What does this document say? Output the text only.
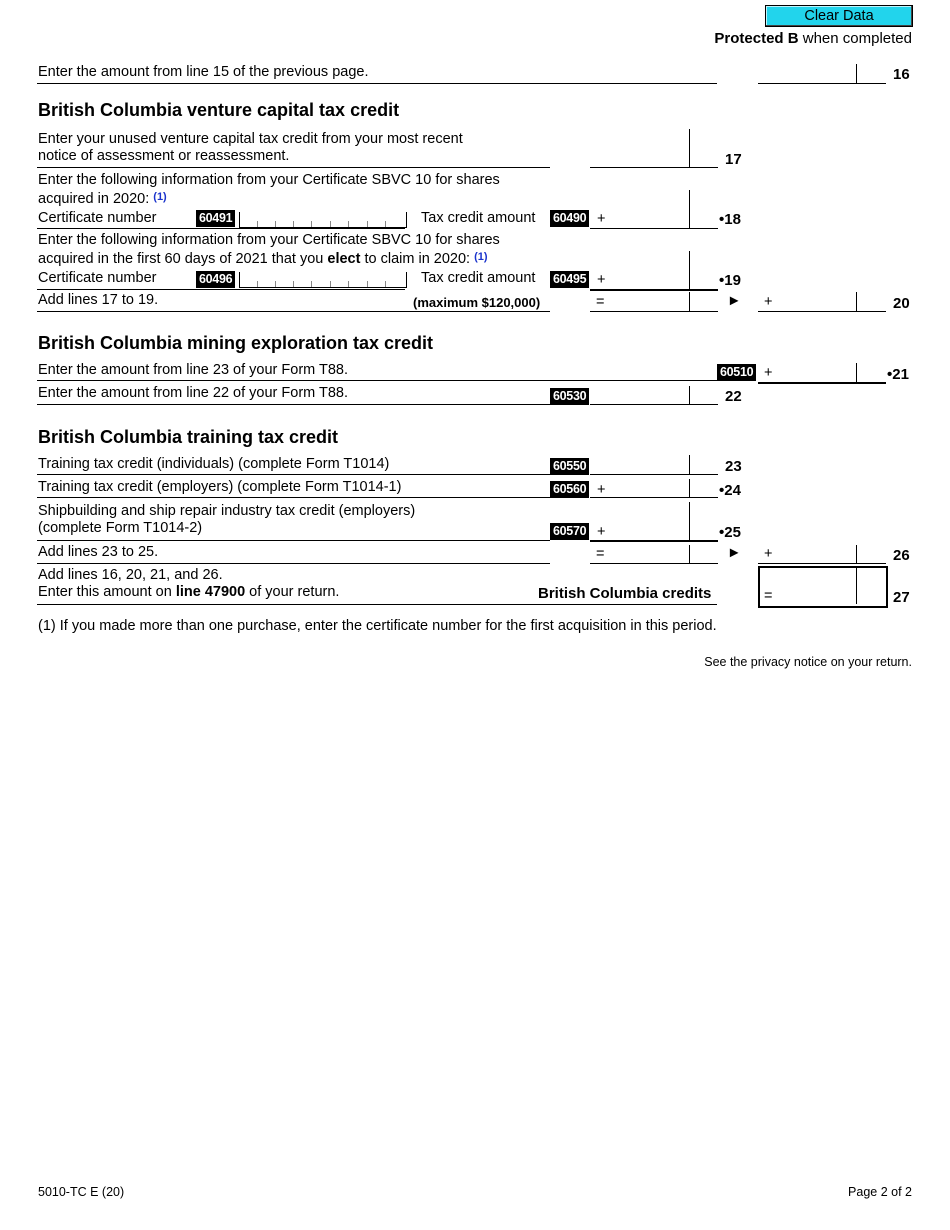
Clear Data
Protected B when completed
Enter the amount from line 15 of the previous page.	16
British Columbia venture capital tax credit
Enter your unused venture capital tax credit from your most recent
notice of assessment or reassessment.	17
Enter the following information from your Certificate SBVC 10 for shares
acquired in 2020: $^{(1)}$
Certificate number	60491	Tax credit amount 60490 +	•18
Enter the following information from your Certificate SBVC 10 for shares
acquired in the first 60 days of 2021 that you elect to claim in 2020: $^{(1)}$
Certificate number	60496	Tax credit amount 60495 +	•19
Add lines 17 to 19.	(maximum $120,000)	=	► +	20
British Columbia mining exploration tax credit
Enter the amount from line 23 of your Form T88.	60510 +	•21
Enter the amount from line 22 of your Form T88.	60530	22
British Columbia training tax credit
Training tax credit (individuals) (complete Form T1014)	60550	23
Training tax credit (employers) (complete Form T1014-1)	60560 +	•24
Shipbuilding and ship repair industry tax credit (employers)
(complete Form T1014-2)	60570 +	•25
Add lines 23 to 25.	=	► +	26
Add lines 16, 20, 21, and 26.
Enter this amount on line 47900 of your return.	British Columbia credits	=	27
(1) If you made more than one purchase, enter the certificate number for the first acquisition in this period.
See the privacy notice on your return.
5010-TC E (20)	Page 2 of 2
